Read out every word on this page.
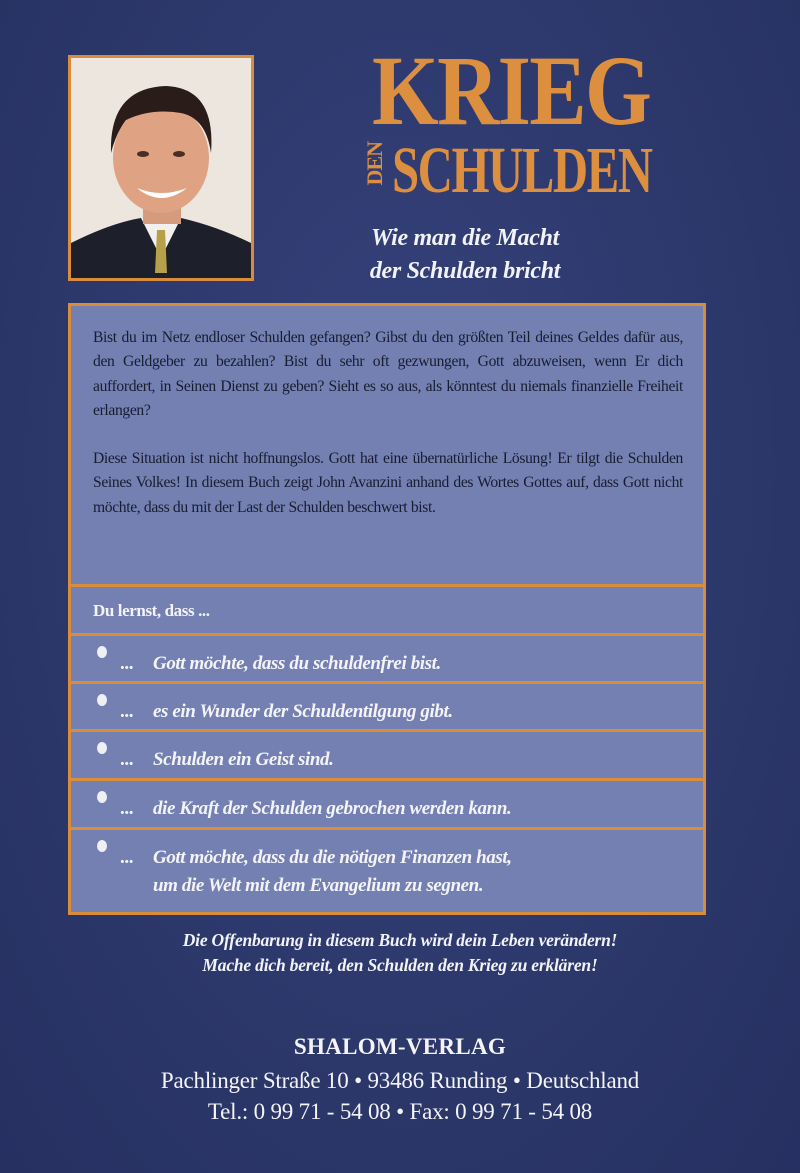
KRIEG
DEN SCHULDEN
Wie man die Macht
der Schulden bricht

Bist du im Netz endloser Schulden gefangen? Gibst du den größten Teil deines Geldes dafür aus, den Geldgeber zu bezahlen? Bist du sehr oft gezwungen, Gott abzuweisen, wenn Er dich auffordert, in Seinen Dienst zu geben? Sieht es so aus, als könntest du niemals finanzielle Freiheit erlangen?

Diese Situation ist nicht hoffnungslos. Gott hat eine übernatürliche Lösung! Er tilgt die Schulden Seines Volkes! In diesem Buch zeigt John Avanzini anhand des Wortes Gottes auf, dass Gott nicht möchte, dass du mit der Last der Schulden beschwert bist.

Du lernst, dass ...
... Gott möchte, dass du schuldenfrei bist.
... es ein Wunder der Schuldentilgung gibt.
... Schulden ein Geist sind.
... die Kraft der Schulden gebrochen werden kann.
... Gott möchte, dass du die nötigen Finanzen hast,
um die Welt mit dem Evangelium zu segnen.
Die Offenbarung in diesem Buch wird dein Leben verändern!
Mache dich bereit, den Schulden den Krieg zu erklären!
SHALOM-VERLAG
Pachlinger Straße 10 • 93486 Runding • Deutschland
Tel.: 0 99 71 - 54 08 • Fax: 0 99 71 - 54 08
